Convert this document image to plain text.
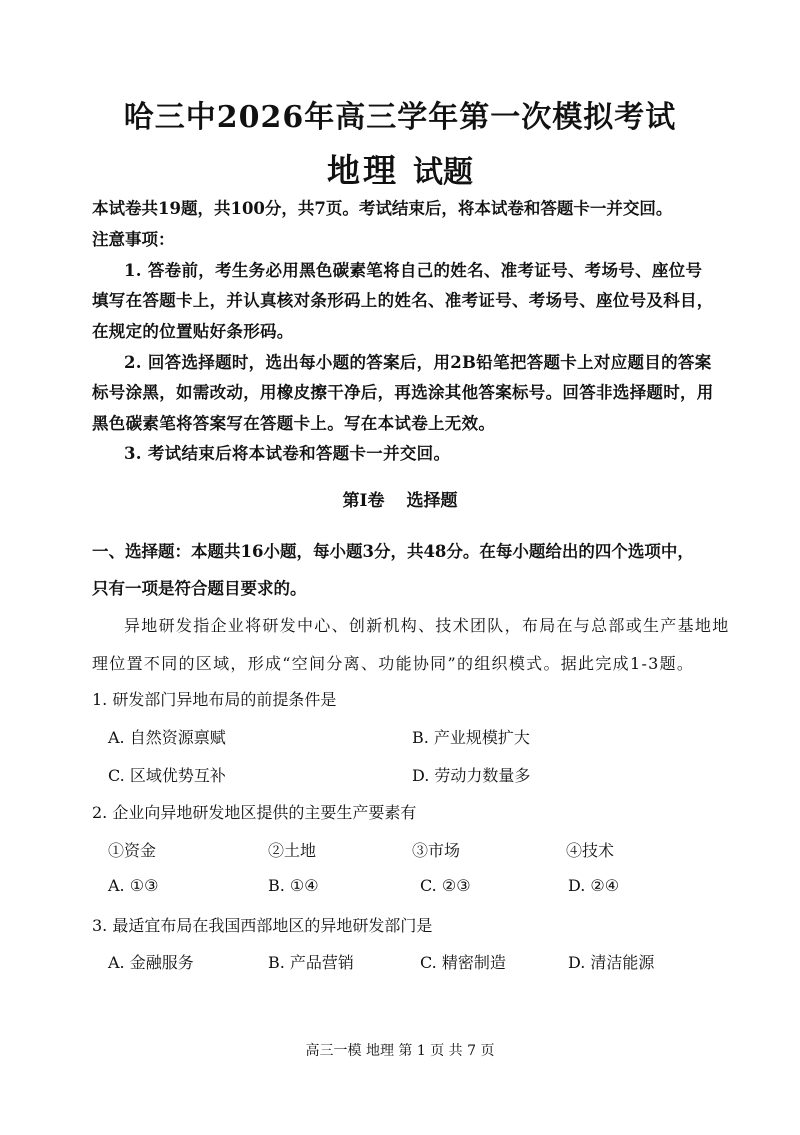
哈三中2026年高三学年第一次模拟考试
地理 试题
本试卷共19题，共100分，共7页。考试结束后，将本试卷和答题卡一并交回。
注意事项：
1. 答卷前，考生务必用黑色碳素笔将自己的姓名、准考证号、考场号、座位号
填写在答题卡上，并认真核对条形码上的姓名、准考证号、考场号、座位号及科目，
在规定的位置贴好条形码。
2. 回答选择题时，选出每小题的答案后，用2B铅笔把答题卡上对应题目的答案
标号涂黑，如需改动，用橡皮擦干净后，再选涂其他答案标号。回答非选择题时，用
黑色碳素笔将答案写在答题卡上。写在本试卷上无效。
3. 考试结束后将本试卷和答题卡一并交回。
第Ⅰ卷 选择题
一、选择题：本题共16小题，每小题3分，共48分。在每小题给出的四个选项中，
只有一项是符合题目要求的。
异地研发指企业将研发中心、创新机构、技术团队，布局在与总部或生产基地地
理位置不同的区域，形成“空间分离、功能协同”的组织模式。据此完成1-3题。
1. 研发部门异地布局的前提条件是
A. 自然资源禀赋	B. 产业规模扩大
C. 区域优势互补	D. 劳动力数量多
2. 企业向异地研发地区提供的主要生产要素有
①资金	②土地	③市场	④技术
A. ①③	B. ①④	C. ②③	D. ②④
3. 最适宜布局在我国西部地区的异地研发部门是
A. 金融服务	B. 产品营销	C. 精密制造	D. 清洁能源
高三一模 地理 第 1 页 共 7 页
